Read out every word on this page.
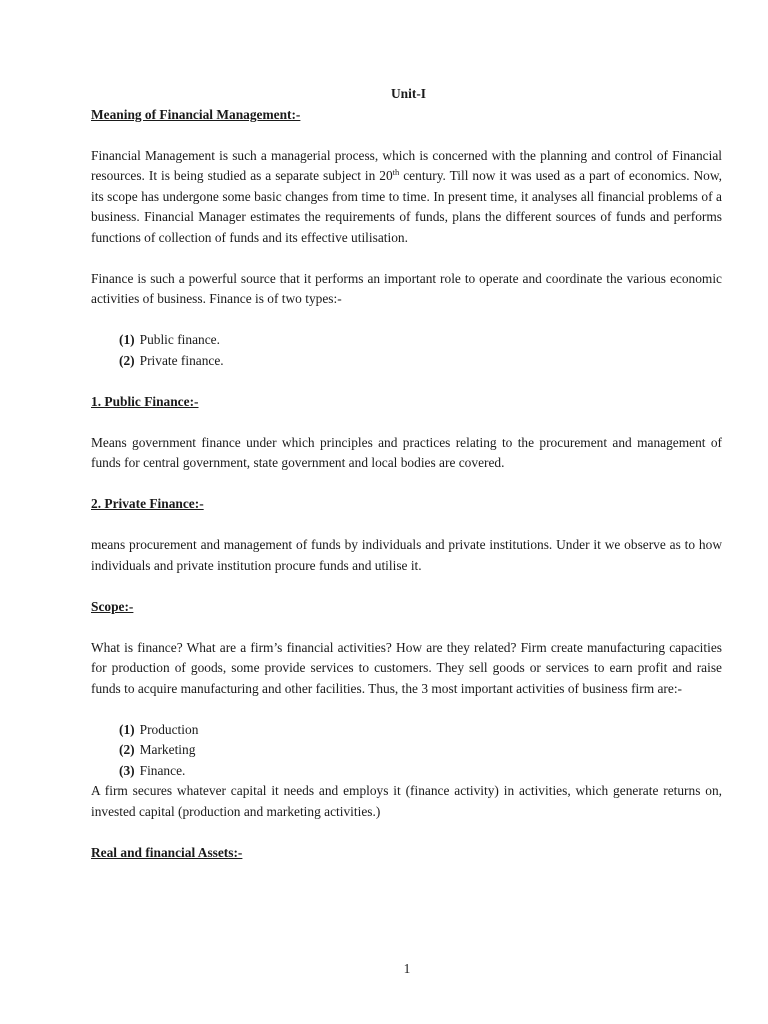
Unit-I
Meaning of Financial Management:-

Financial Management is such a managerial process, which is concerned with the planning and control of Financial resources. It is being studied as a separate subject in 20th century. Till now it was used as a part of economics. Now, its scope has undergone some basic changes from time to time. In present time, it analyses all financial problems of a business. Financial Manager estimates the requirements of funds, plans the different sources of funds and performs functions of collection of funds and its effective utilisation.

Finance is such a powerful source that it performs an important role to operate and coordinate the various economic activities of business. Finance is of two types:-

(1) Public finance.
(2) Private finance.
1. Public Finance:-

Means government finance under which principles and practices relating to the procurement and management of funds for central government, state government and local bodies are covered.

2. Private Finance:-

means procurement and management of funds by individuals and private institutions. Under it we observe as to how individuals and private institution procure funds and utilise it.

Scope:-

What is finance? What are a firm’s financial activities? How are they related? Firm create manufacturing capacities for production of goods, some provide services to customers. They sell goods or services to earn profit and raise funds to acquire manufacturing and other facilities. Thus, the 3 most important activities of business firm are:-

(1) Production
(2) Marketing
(3) Finance.

A firm secures whatever capital it needs and employs it (finance activity) in activities, which generate returns on, invested capital (production and marketing activities.)

Real and financial Assets:-
1
